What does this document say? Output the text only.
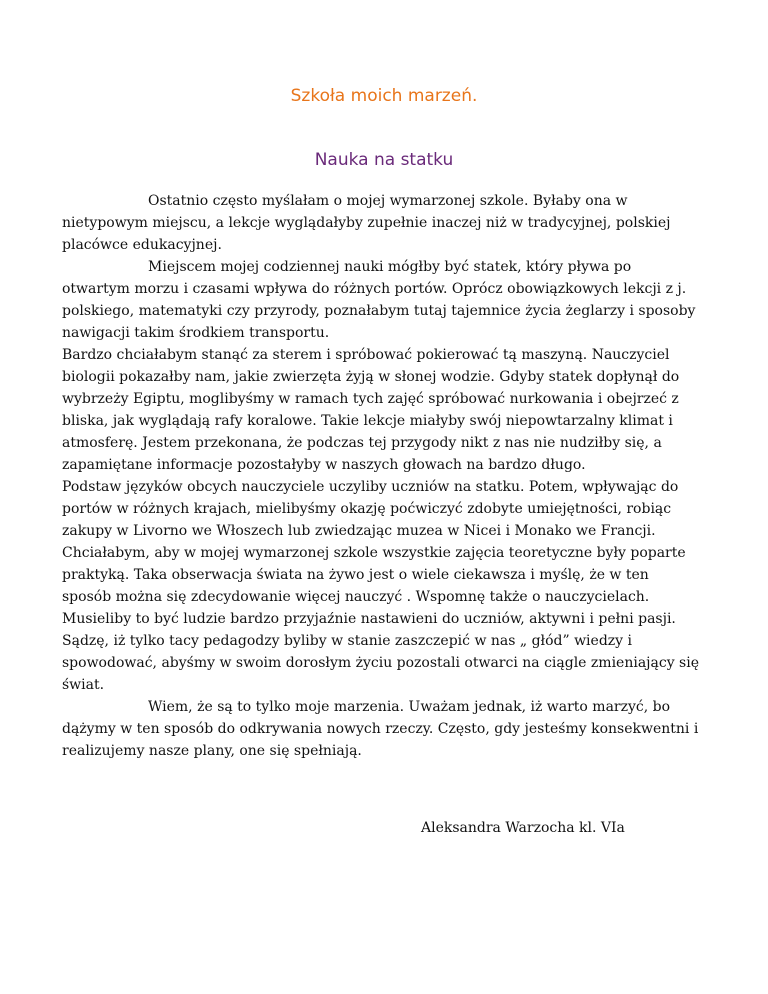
Szkoła moich marzeń.
Nauka na statku

Ostatnio często myślałam o mojej wymarzonej szkole. Byłaby ona w nietypowym miejscu, a lekcje wyglądałyby zupełnie inaczej niż w tradycyjnej, polskiej placówce edukacyjnej.

Miejscem mojej codziennej nauki mógłby być statek, który pływa po otwartym morzu i czasami wpływa do różnych portów. Oprócz obowiązkowych lekcji z j. polskiego, matematyki czy przyrody, poznałabym tutaj tajemnice życia żeglarzy i sposoby nawigacji takim środkiem transportu.

Bardzo chciałabym stanąć za sterem i spróbować pokierować tą maszyną. Nauczyciel biologii pokazałby nam, jakie zwierzęta żyją w słonej wodzie. Gdyby statek dopłynął do wybrzeży Egiptu, moglibyśmy w ramach tych zajęć spróbować nurkowania i obejrzeć z bliska, jak wyglądają rafy koralowe. Takie lekcje miałyby swój niepowtarzalny klimat i atmosferę. Jestem przekonana, że podczas tej przygody nikt z nas nie nudziłby się, a zapamiętane informacje pozostałyby w naszych głowach na bardzo długo.

Podstaw języków obcych nauczyciele uczyliby uczniów na statku. Potem, wpływając do portów w różnych krajach, mielibyśmy okazję poćwiczyć zdobyte umiejętności, robiąc zakupy w Livorno we Włoszech lub zwiedzając muzea w Nicei i Monako we Francji.

Chciałabym, aby w mojej wymarzonej szkole wszystkie zajęcia teoretyczne były poparte praktyką. Taka obserwacja świata na żywo jest o wiele ciekawsza i myślę, że w ten sposób można się zdecydowanie więcej nauczyć . Wspomnę także o nauczycielach. Musieliby to być ludzie bardzo przyjaźnie nastawieni do uczniów, aktywni i pełni pasji. Sądzę, iż tylko tacy pedagodzy byliby w stanie zaszczepić w nas „ głód” wiedzy i spowodować, abyśmy w swoim dorosłym życiu pozostali otwarci na ciągle zmieniający się świat.

Wiem, że są to tylko moje marzenia. Uważam jednak, iż warto marzyć, bo dążymy w ten sposób do odkrywania nowych rzeczy. Często, gdy jesteśmy konsekwentni i realizujemy nasze plany, one się spełniają.

Aleksandra Warzocha kl. VIa
